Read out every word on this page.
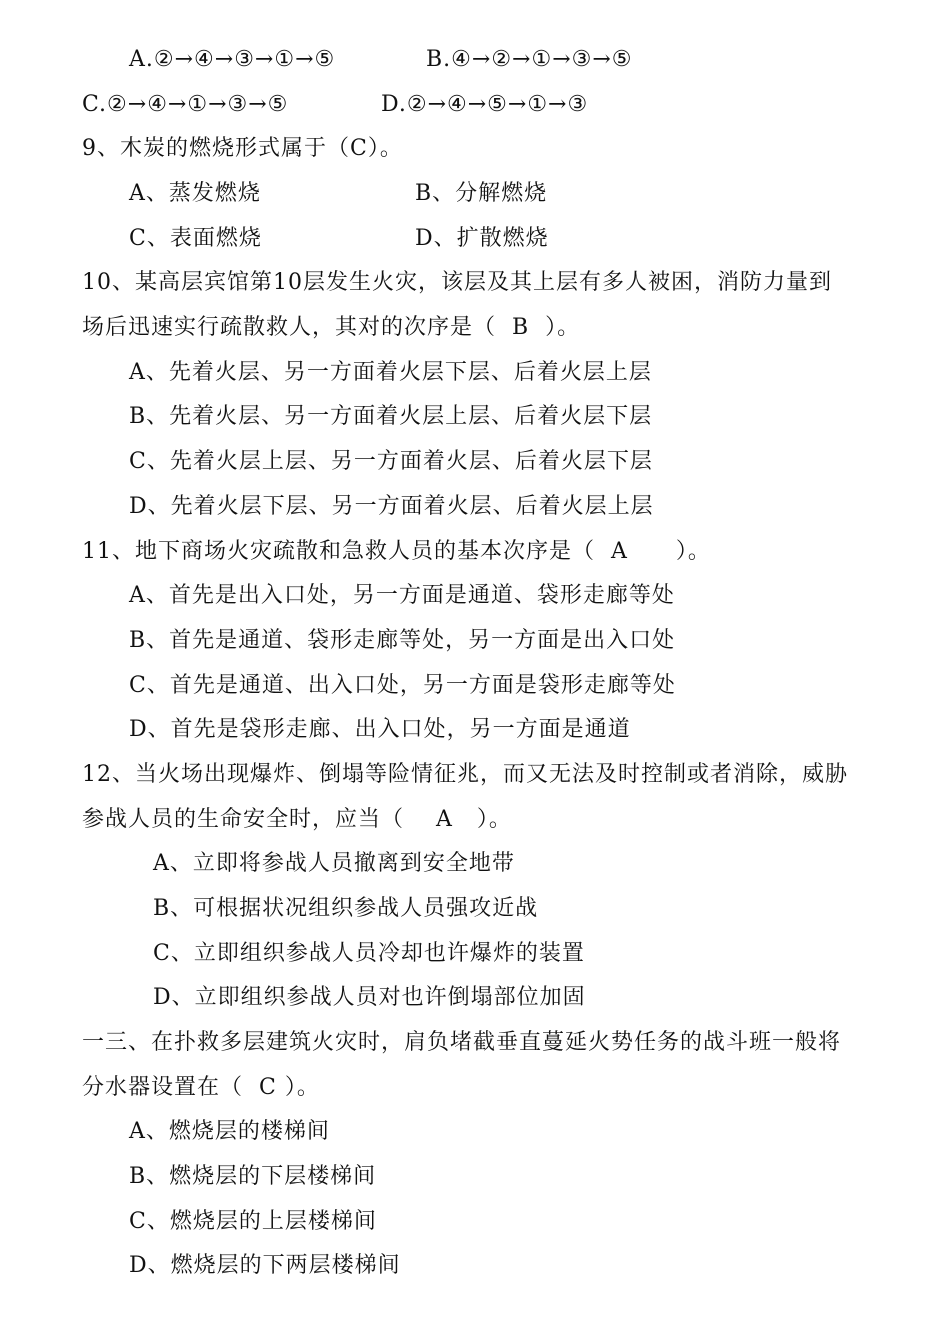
A.②→④→③→①→⑤	B.④→②→①→③→⑤
C.②→④→①→③→⑤	D.②→④→⑤→①→③
9、木炭的燃烧形式属于（C）。
A、蒸发燃烧	B、分解燃烧
C、表面燃烧	D、扩散燃烧
10、某高层宾馆第10层发生火灾，该层及其上层有多人被困，消防力量到
场后迅速实行疏散救人，其对的次序是（  B  ）。
A、先着火层、另一方面着火层下层、后着火层上层
B、先着火层、另一方面着火层上层、后着火层下层
C、先着火层上层、另一方面着火层、后着火层下层
D、先着火层下层、另一方面着火层、后着火层上层
11、地下商场火灾疏散和急救人员的基本次序是（  A      ）。
A、首先是出入口处，另一方面是通道、袋形走廊等处
B、首先是通道、袋形走廊等处，另一方面是出入口处
C、首先是通道、出入口处，另一方面是袋形走廊等处
D、首先是袋形走廊、出入口处，另一方面是通道
12、当火场出现爆炸、倒塌等险情征兆，而又无法及时控制或者消除，威胁
参战人员的生命安全时，应当（    A   ）。
A、立即将参战人员撤离到安全地带
B、可根据状况组织参战人员强攻近战
C、立即组织参战人员冷却也许爆炸的装置
D、立即组织参战人员对也许倒塌部位加固
一三、在扑救多层建筑火灾时，肩负堵截垂直蔓延火势任务的战斗班一般将
分水器设置在（  C ）。
A、燃烧层的楼梯间
B、燃烧层的下层楼梯间
C、燃烧层的上层楼梯间
D、燃烧层的下两层楼梯间
